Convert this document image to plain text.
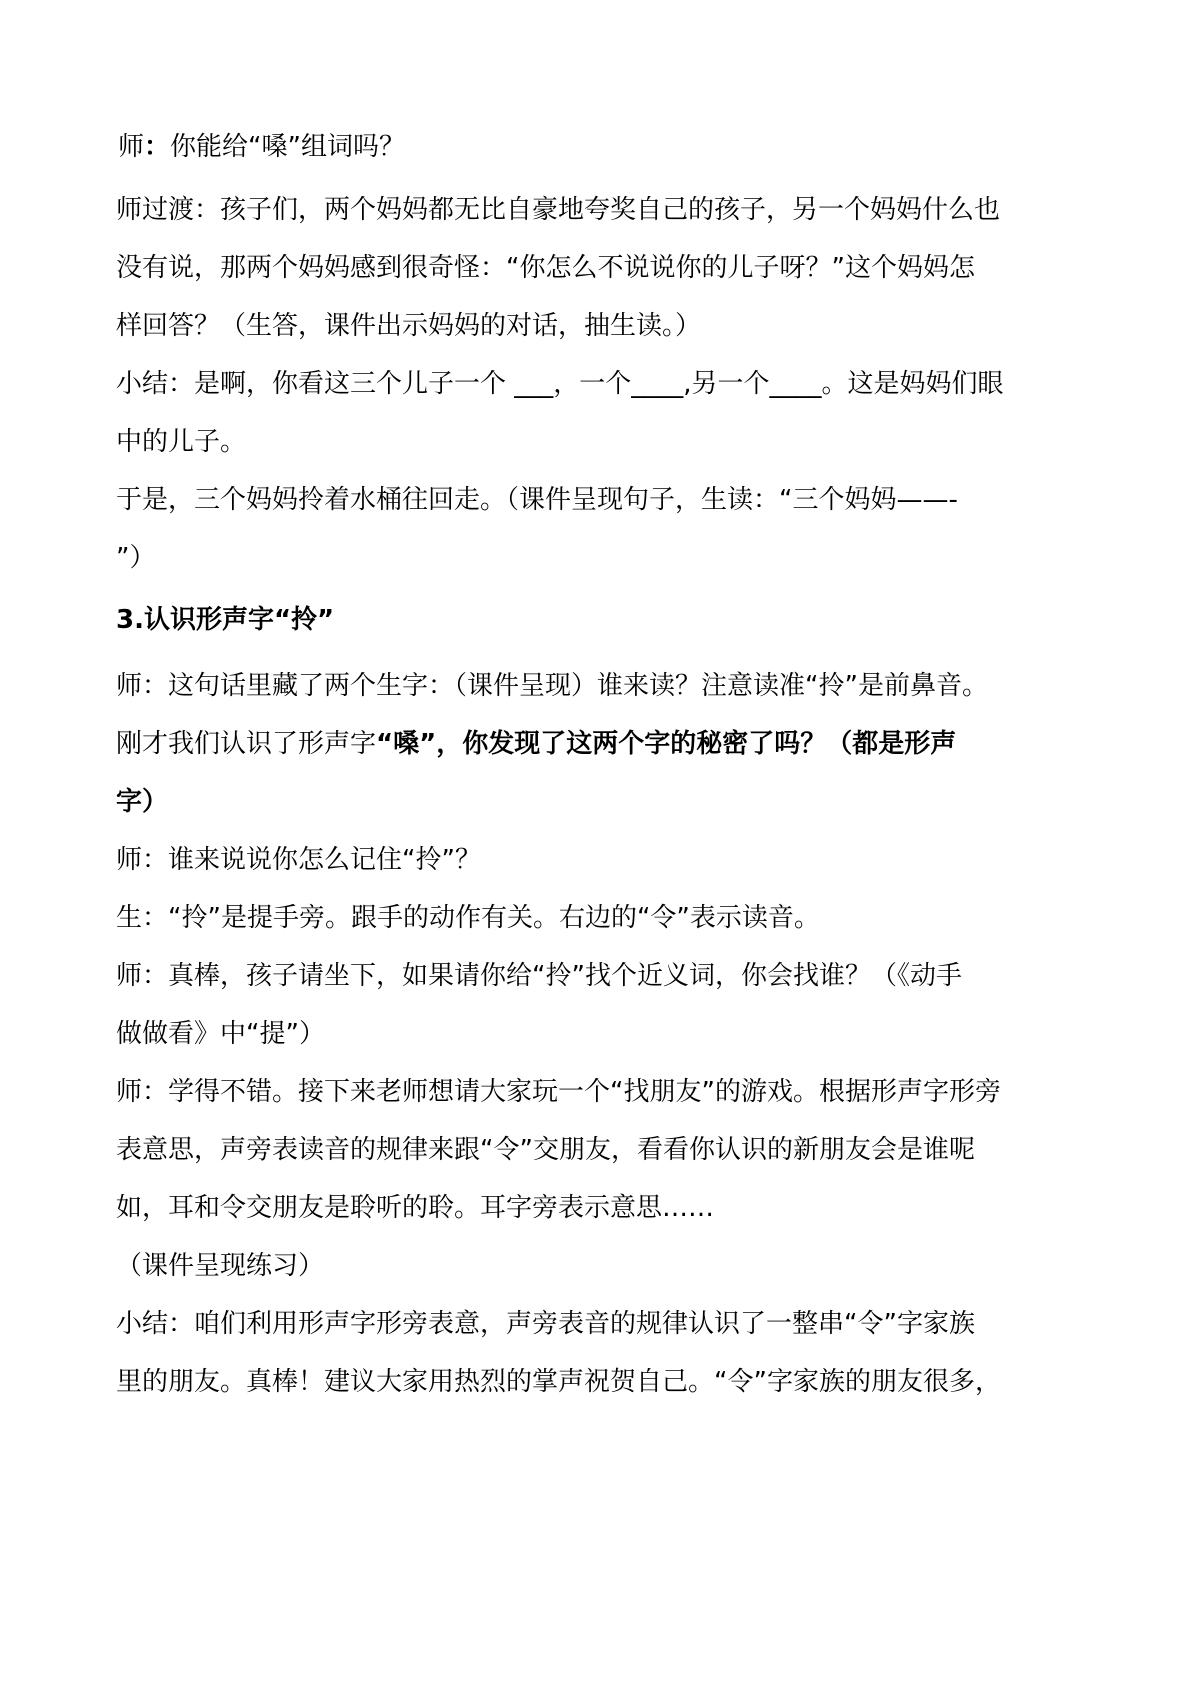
师：你能给“嗓”组词吗？
师过渡：孩子们，两个妈妈都无比自豪地夸奖自己的孩子，另一个妈妈什么也
没有说，那两个妈妈感到很奇怪：“你怎么不说说你的儿子呀？”这个妈妈怎
样回答？（生答，课件出示妈妈的对话，抽生读。）
小结：是啊，你看这三个儿子一个 ___，一个____,另一个____。这是妈妈们眼
中的儿子。
于是，三个妈妈拎着水桶往回走。（课件呈现句子，生读：“三个妈妈——-
”）
3.认识形声字“拎”
师：这句话里藏了两个生字：（课件呈现）谁来读？注意读准“拎”是前鼻音。
刚才我们认识了形声字“嗓”，你发现了这两个字的秘密了吗？（都是形声
字）
师：谁来说说你怎么记住“拎”？
生：“拎”是提手旁。跟手的动作有关。右边的“令”表示读音。
师：真棒，孩子请坐下，如果请你给“拎”找个近义词，你会找谁？（《动手
做做看》中“提”）
师：学得不错。接下来老师想请大家玩一个“找朋友”的游戏。根据形声字形旁
表意思，声旁表读音的规律来跟“令”交朋友，看看你认识的新朋友会是谁呢
如，耳和令交朋友是聆听的聆。耳字旁表示意思……
（课件呈现练习）
小结：咱们利用形声字形旁表意，声旁表音的规律认识了一整串“令”字家族
里的朋友。真棒！建议大家用热烈的掌声祝贺自己。“令”字家族的朋友很多，
